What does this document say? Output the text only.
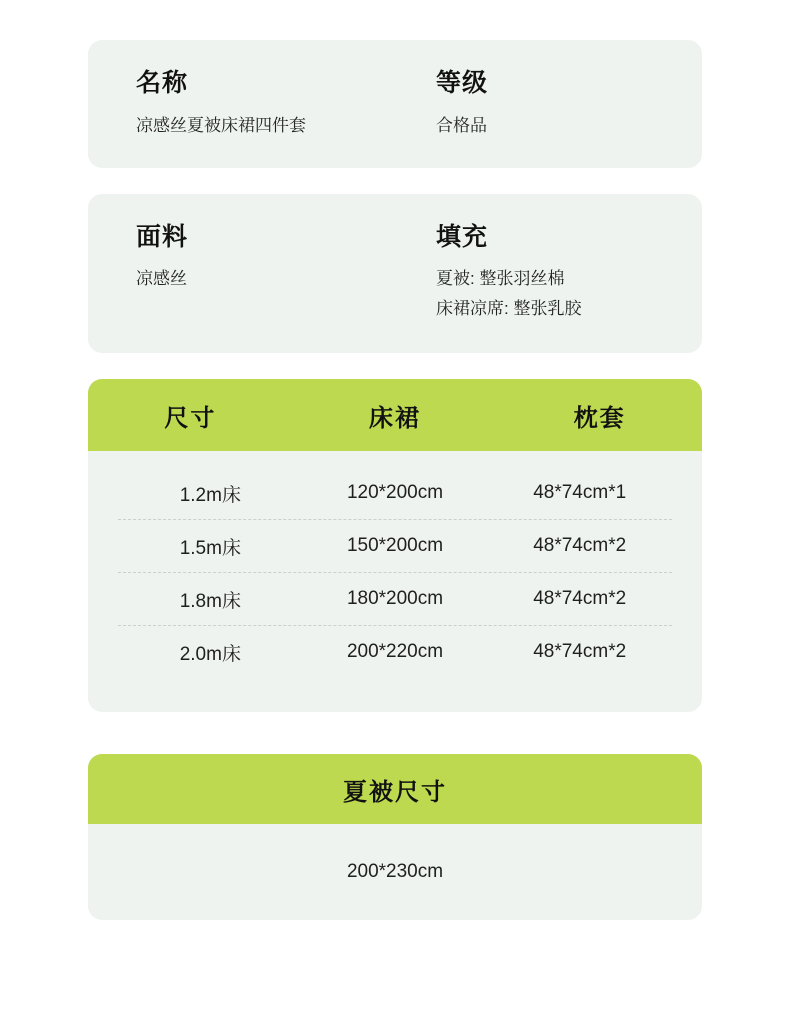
名称

凉感丝夏被床裙四件套

等级

合格品

面料

凉感丝

填充

夏被: 整张羽丝棉

床裙凉席: 整张乳胶

尺寸	床裙	枕套
1.2m床	120*200cm	48*74cm*1
1.5m床	150*200cm	48*74cm*2
1.8m床	180*200cm	48*74cm*2
2.0m床	200*220cm	48*74cm*2
夏被尺寸
200*230cm
